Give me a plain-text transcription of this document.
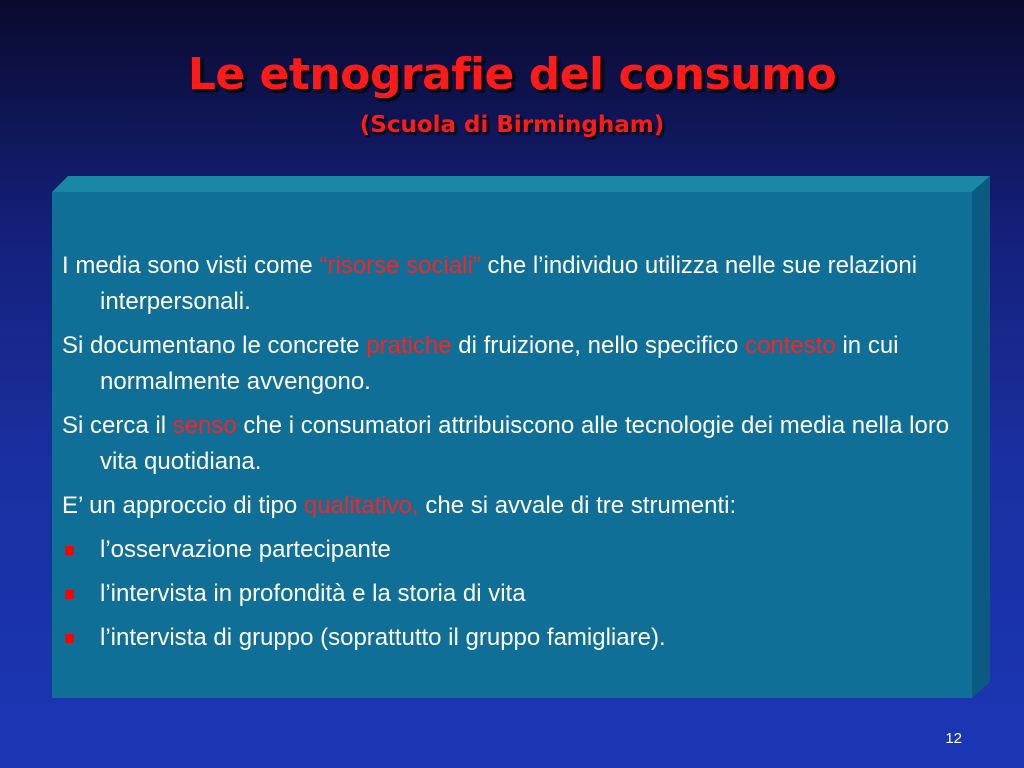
Le etnografie del consumo
(Scuola di Birmingham)
I media sono visti come “risorse sociali” che l’individuo utilizza nelle sue relazioni interpersonali.
Si documentano le concrete pratiche di fruizione, nello specifico contesto in cui normalmente avvengono.
Si cerca il senso che i consumatori attribuiscono alle tecnologie dei media nella loro vita quotidiana.
E’ un approccio di tipo qualitativo, che si avvale di tre strumenti:
l’osservazione partecipante
l’intervista in profondità e la storia di vita
l’intervista di gruppo (soprattutto il gruppo famigliare).
12
